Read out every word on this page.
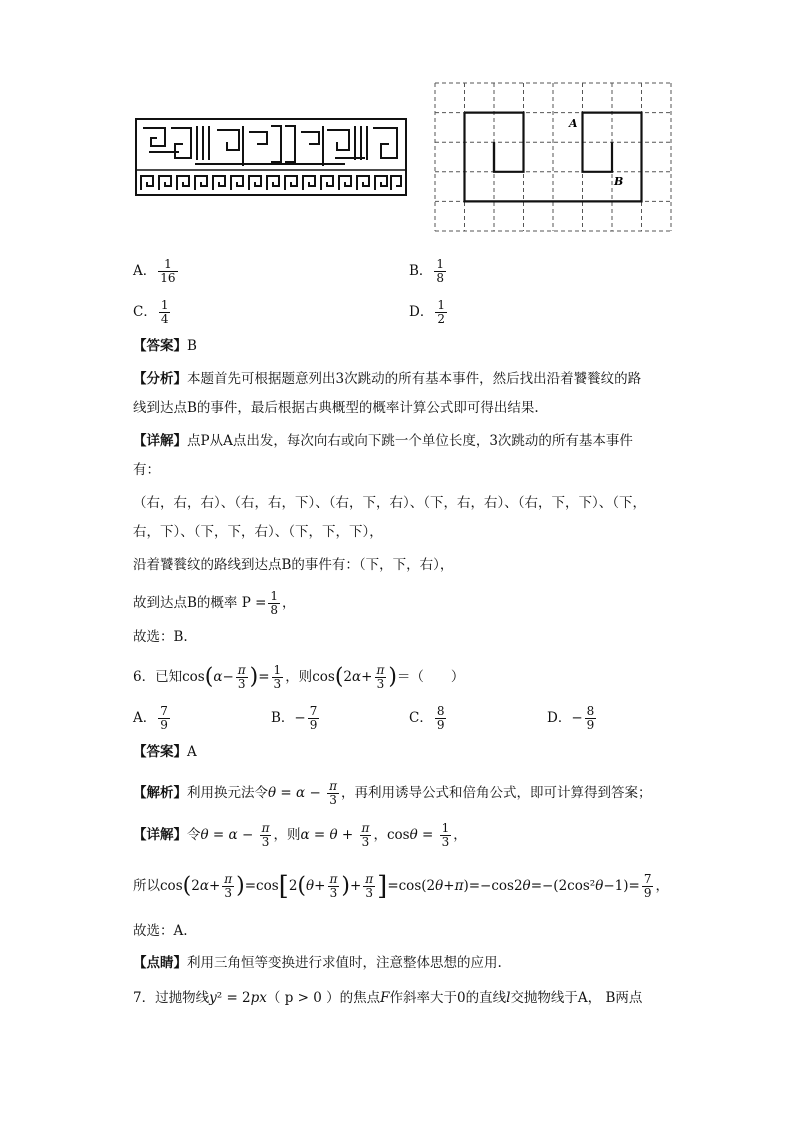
A
B
A． $\frac{1}{16}$	B． $\frac{1}{8}$
C． $\frac{1}{4}$	D． $\frac{1}{2}$
【答案】B
【分析】本题首先可根据题意列出3次跳动的所有基本事件，然后找出沿着饕餮纹的路
线到达点B的事件，最后根据古典概型的概率计算公式即可得出结果.
【详解】点P从A点出发，每次向右或向下跳一个单位长度，3次跳动的所有基本事件
有：
（右，右，右）、（右，右，下）、（右，下，右）、（下，右，右）、（右，下，下）、（下，
右，下）、（下，下，右）、（下，下，下），
沿着饕餮纹的路线到达点B的事件有：（下，下，右），
故到达点B的概率 $P = \frac{1}{8}$ ，
故选：B.
6．已知$\cos(\alpha- \frac{\pi}{3}$ )= $\frac{1}{3}$ ，则$\cos(2\alpha+ \frac{\pi}{3}$ )＝（　　）
A． $\frac{7}{9}$	B．− $\frac{7}{9}$	C． $\frac{8}{9}$	D．− $\frac{8}{9}$
【答案】A
【解析】利用换元法令$\theta = \alpha - \frac{\pi}{3}$ ，再利用诱导公式和倍角公式，即可计算得到答案；
【详解】令$\theta = \alpha - \frac{\pi}{3}$ ，则$\alpha = \theta + \frac{\pi}{3}$ ，$\cos\theta = \frac{1}{3}$ ，
所以$\cos(2\alpha+ \frac{\pi}{3} )=\cos[2(\theta+ \frac{\pi}{3}$ )+ $\frac{\pi}{3} ]=\cos(2\theta+\pi)=-\cos 2\theta=-(2\cos^2\theta-1)= \frac{7}{9}$ ，
故选：A.
【点睛】利用三角恒等变换进行求值时，注意整体思想的应用.
7．过抛物线y² = 2px（ p > 0 ）的焦点F作斜率大于0的直线l交抛物线于A， B两点
